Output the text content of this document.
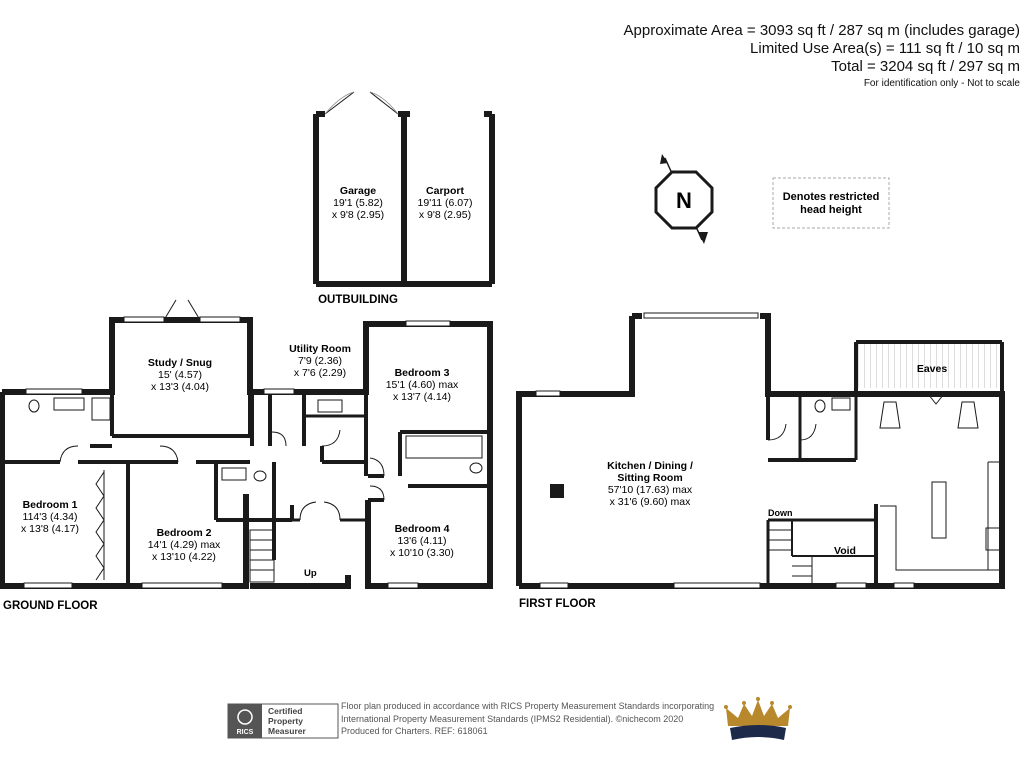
Approximate Area = 3093 sq ft / 287 sq m (includes garage)
Limited Use Area(s) = 111 sq ft / 10 sq m
Total = 3204 sq ft / 297 sq m
For identification only - Not to scale
Garage
19'1 (5.82)
x 9'8 (2.95)
Carport
19'11 (6.07)
x 9'8 (2.95)
OUTBUILDING
N	Denotes restricted
head height
Study / Snug
15' (4.57)
x 13'3 (4.04)
Utility Room
7'9 (2.36)
x 7'6 (2.29)	Bedroom 3
15'1 (4.60) max
x 13'7 (4.14)
Bedroom 1
114'3 (4.34)
x 13'8 (4.17)	Bedroom 2
14'1 (4.29) max
x 13'10 (4.22)
Bedroom 4
13'6 (4.11)
x 10'10 (3.30)
Up
GROUND FLOOR
Eaves
Kitchen / Dining /
Sitting Room
57'10 (17.63) max
x 31'6 (9.60) max
Down
Void
FIRST FLOOR
RICS
Certified
Property
Measurer
Floor plan produced in accordance with RICS Property Measurement Standards incorporating
International Property Measurement Standards (IPMS2 Residential). ©nichecom 2020
Produced for Charters. REF: 618061
